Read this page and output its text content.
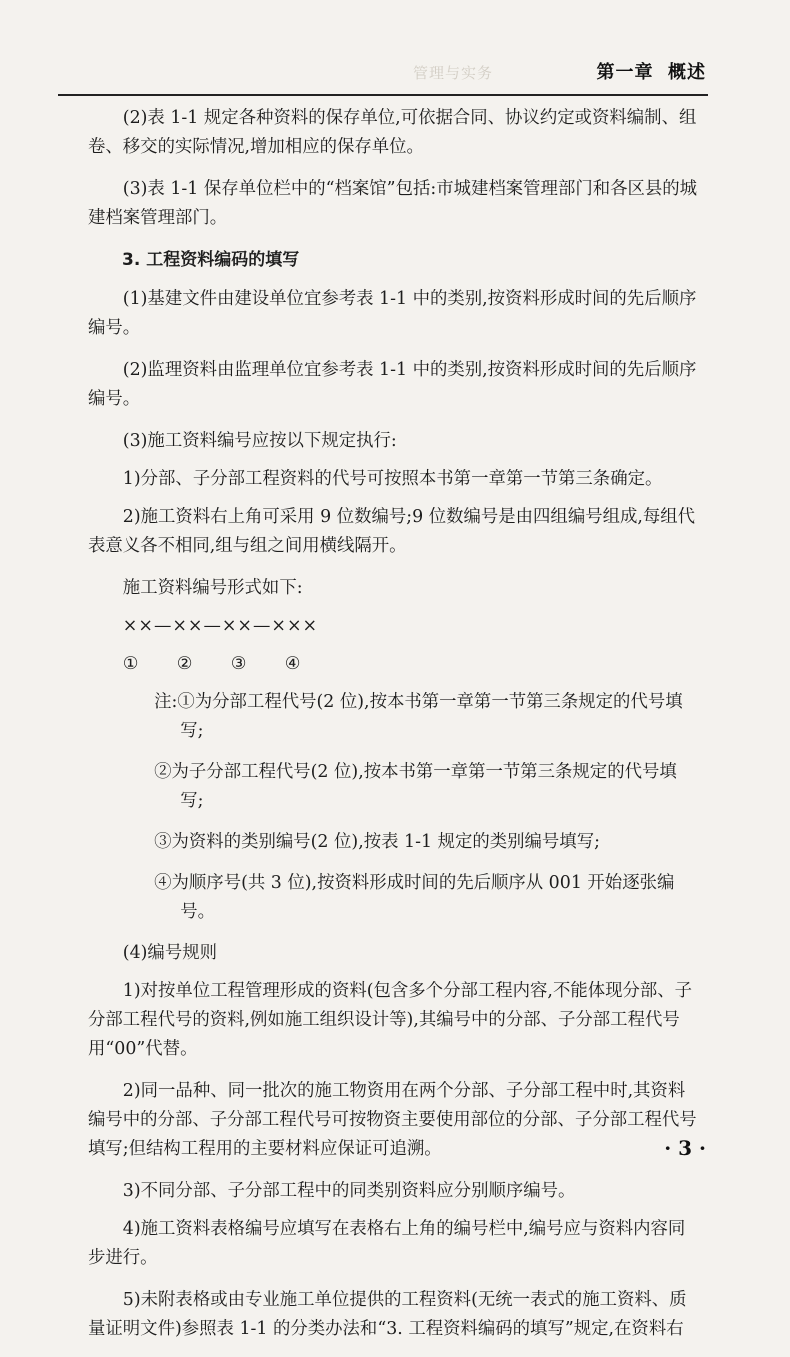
管理与实务	第一章 概述

(2)表 1-1 规定各种资料的保存单位,可依据合同、协议约定或资料编制、组卷、移交的实际情况,增加相应的保存单位。

(3)表 1-1 保存单位栏中的“档案馆”包括:市城建档案管理部门和各区县的城建档案管理部门。

3. 工程资料编码的填写

(1)基建文件由建设单位宜参考表 1-1 中的类别,按资料形成时间的先后顺序编号。

(2)监理资料由监理单位宜参考表 1-1 中的类别,按资料形成时间的先后顺序编号。

(3)施工资料编号应按以下规定执行:

1)分部、子分部工程资料的代号可按照本书第一章第一节第三条确定。

2)施工资料右上角可采用 9 位数编号;9 位数编号是由四组编号组成,每组代表意义各不相同,组与组之间用横线隔开。

施工资料编号形式如下:

××—××—××—×××

① ② ③ ④

注:①为分部工程代号(2 位),按本书第一章第一节第三条规定的代号填写;

②为子分部工程代号(2 位),按本书第一章第一节第三条规定的代号填写;

③为资料的类别编号(2 位),按表 1-1 规定的类别编号填写;

④为顺序号(共 3 位),按资料形成时间的先后顺序从 001 开始逐张编号。

(4)编号规则

1)对按单位工程管理形成的资料(包含多个分部工程内容,不能体现分部、子分部工程代号的资料,例如施工组织设计等),其编号中的分部、子分部工程代号用“00”代替。

2)同一品种、同一批次的施工物资用在两个分部、子分部工程中时,其资料编号中的分部、子分部工程代号可按物资主要使用部位的分部、子分部工程代号填写;但结构工程用的主要材料应保证可追溯。

3)不同分部、子分部工程中的同类别资料应分别顺序编号。

4)施工资料表格编号应填写在表格右上角的编号栏中,编号应与资料内容同步进行。

5)未附表格或由专业施工单位提供的工程资料(无统一表式的施工资料、质量证明文件)参照表 1-1 的分类办法和“3. 工程资料编码的填写”规定,在资料右

· 3 ·
